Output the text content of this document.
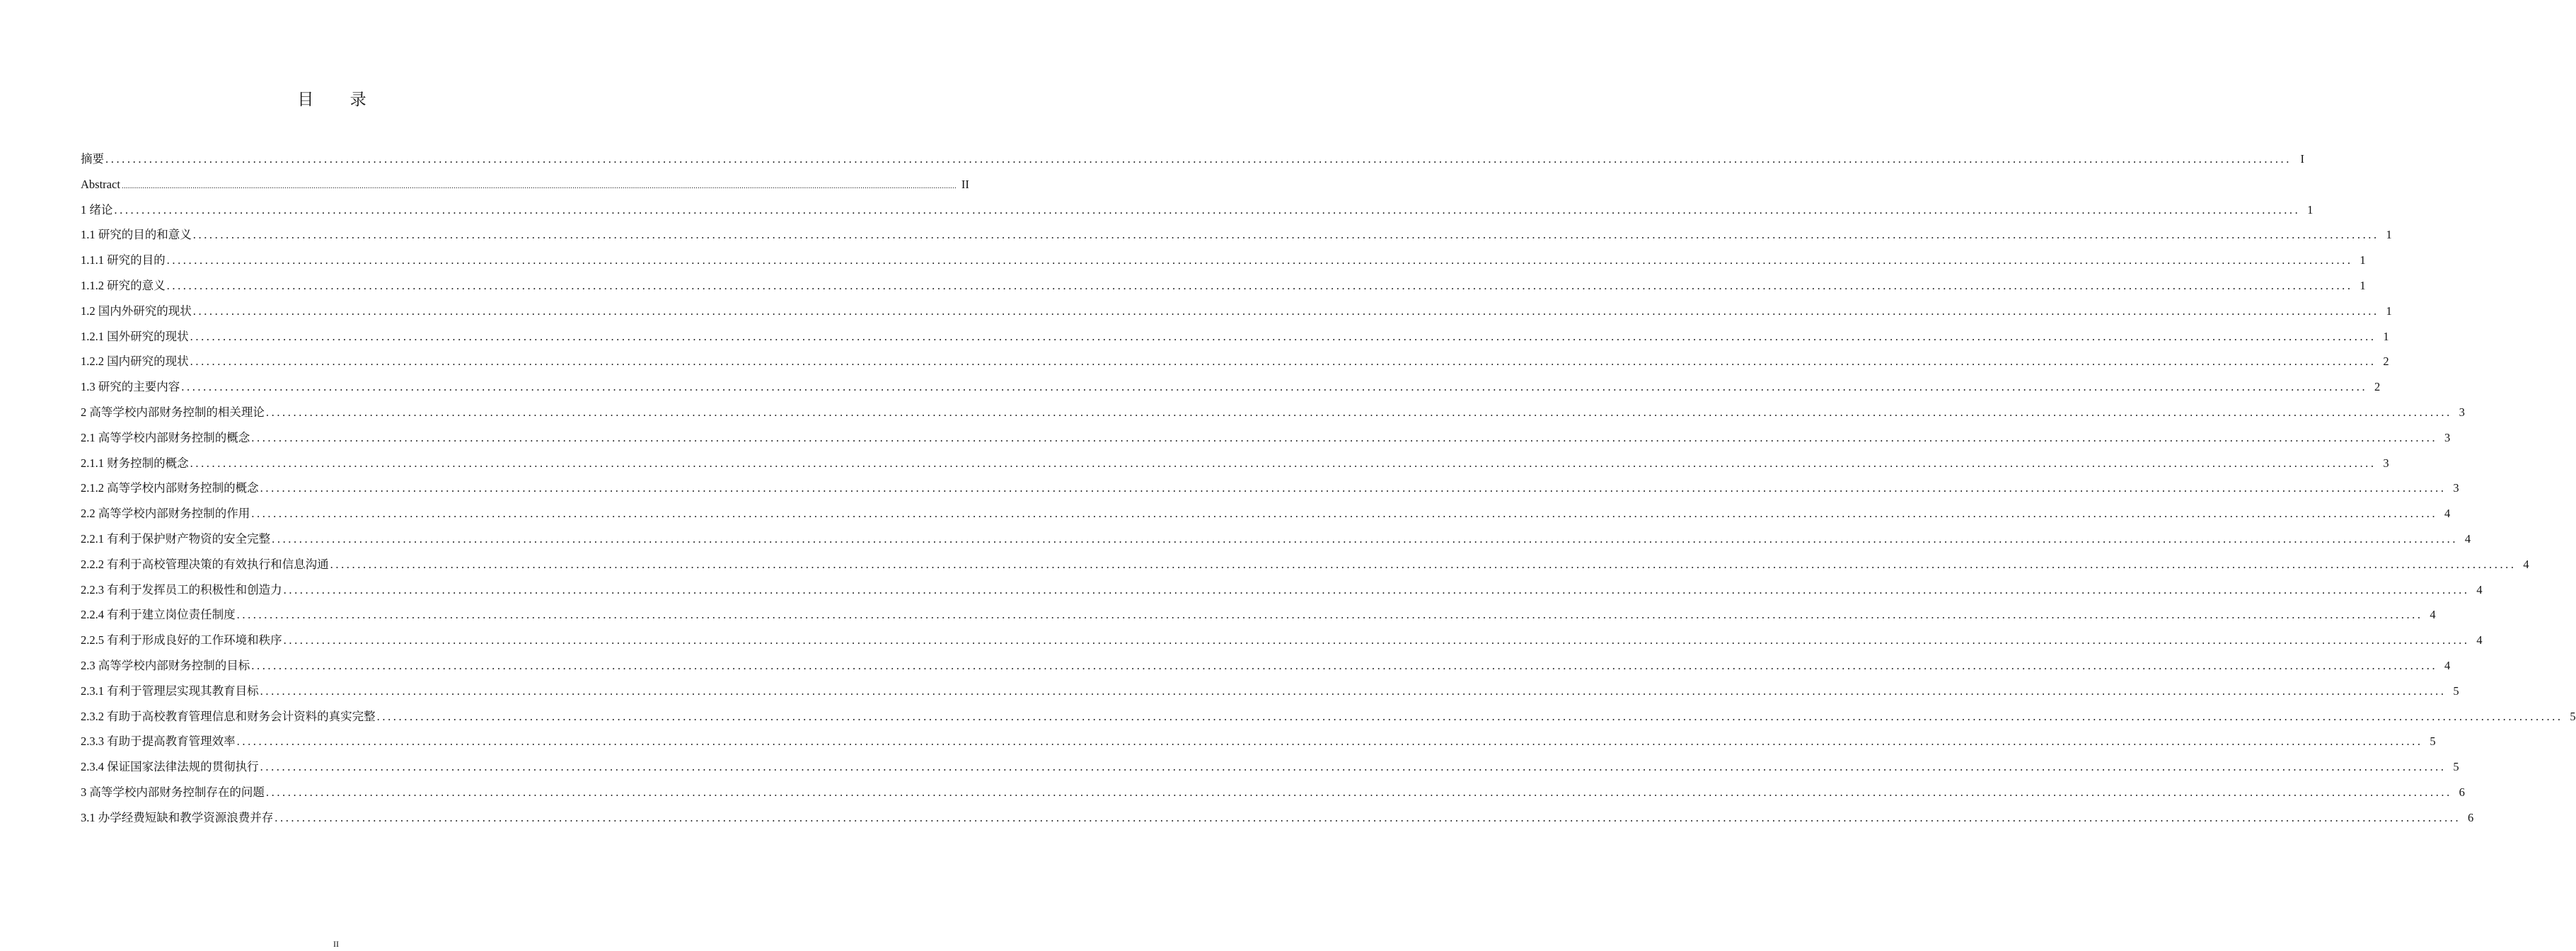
目 录
摘要 ................................................................................................................................................................................................................................................................................................................................................................................................................ I
Abstract ................................................................................................................................................................................................................................................................................................................................................................................................................ II
1 绪论 ................................................................................................................................................................................................................................................................................................................................................................................................................ 1
1.1 研究的目的和意义 ................................................................................................................................................................................................................................................................................................................................................................................................................ 1
1.1.1 研究的目的 ................................................................................................................................................................................................................................................................................................................................................................................................................ 1
1.1.2 研究的意义 ................................................................................................................................................................................................................................................................................................................................................................................................................ 1
1.2 国内外研究的现状 ................................................................................................................................................................................................................................................................................................................................................................................................................ 1
1.2.1 国外研究的现状 ................................................................................................................................................................................................................................................................................................................................................................................................................ 1
1.2.2 国内研究的现状 ................................................................................................................................................................................................................................................................................................................................................................................................................ 2
1.3 研究的主要内容 ................................................................................................................................................................................................................................................................................................................................................................................................................ 2
2 高等学校内部财务控制的相关理论 ................................................................................................................................................................................................................................................................................................................................................................................................................ 3
2.1 高等学校内部财务控制的概念 ................................................................................................................................................................................................................................................................................................................................................................................................................ 3
2.1.1 财务控制的概念 ................................................................................................................................................................................................................................................................................................................................................................................................................ 3
2.1.2 高等学校内部财务控制的概念 ................................................................................................................................................................................................................................................................................................................................................................................................................ 3
2.2 高等学校内部财务控制的作用 ................................................................................................................................................................................................................................................................................................................................................................................................................ 4
2.2.1 有利于保护财产物资的安全完整 ................................................................................................................................................................................................................................................................................................................................................................................................................ 4
2.2.2 有利于高校管理决策的有效执行和信息沟通 ................................................................................................................................................................................................................................................................................................................................................................................................................ 4
2.2.3 有利于发挥员工的积极性和创造力 ................................................................................................................................................................................................................................................................................................................................................................................................................ 4
2.2.4 有利于建立岗位责任制度 ................................................................................................................................................................................................................................................................................................................................................................................................................ 4
2.2.5 有利于形成良好的工作环境和秩序 ................................................................................................................................................................................................................................................................................................................................................................................................................ 4
2.3 高等学校内部财务控制的目标 ................................................................................................................................................................................................................................................................................................................................................................................................................ 4
2.3.1 有利于管理层实现其教育目标 ................................................................................................................................................................................................................................................................................................................................................................................................................ 5
2.3.2 有助于高校教育管理信息和财务会计资料的真实完整 ................................................................................................................................................................................................................................................................................................................................................................................................................ 5
2.3.3 有助于提高教育管理效率 ................................................................................................................................................................................................................................................................................................................................................................................................................ 5
2.3.4 保证国家法律法规的贯彻执行 ................................................................................................................................................................................................................................................................................................................................................................................................................ 5
3 高等学校内部财务控制存在的问题 ................................................................................................................................................................................................................................................................................................................................................................................................................ 6
3.1 办学经费短缺和教学资源浪费并存 ................................................................................................................................................................................................................................................................................................................................................................................................................ 6
II
